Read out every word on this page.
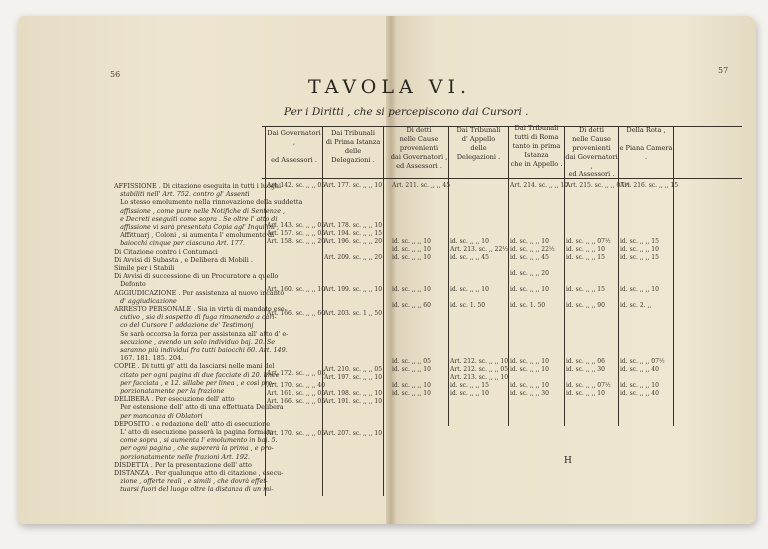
56	57
TAVOLA VI.
Per i Diritti , che si percepiscono dai Cursori .
Dai Governatori ,

ed Assessori .
Dai Tribunali
di Prima Istanza
delle
Delegazioni .
Di detti
nelle Cause
provenienti
dai Governatori ,
ed Assessori .
Dai Tribunali
d' Appello
delle
Delegazioni .
Dai Tribunali
tutti di Roma
tanto in prima
Istanza
che in Appello .
Di detti
nelle Cause
provenienti
dai Governatori ,
ed Assessori .
Della Rota ,

e Piana Camera .
AFFISSIONE . Di citazione eseguita in tutti i luoghi
stabiliti nell' Art. 752. contro gl' Assenti
Lo stesso emolumento nella rinnovazione della suddetta
affissione , come pure nelle Notifiche di Sentenze ,
e Decreti eseguiti come sopra . Se oltre l' atto di
affissione vi sarà presentata Copia agl' Inquilini ,
Affittuarj , Coloni , si aumenta l' emolumento di
baiocchi cinque per ciascuna Art. 177.
Di Citazione contro i Contumaci
Di Avvisi di Subasta , e Delibera di Mobili .
Simile per i Stabili
Di Avvisi di successione di un Procuratore a quello
Defonto
AGGIUDICAZIONE . Per assistenza al nuovo incanto
d' aggiudicazione
ARRESTO PERSONALE . Sia in virtù di mandato ese-
cutivo , sia di sospetto di fuga rimanendo a cari-
co del Cursore l' addazione de' Testimonj
Se sarà occorsa la forza per assistenza all' atto d' e-
secuzione , avendo un solo individuo baj. 20. Se
saranno più individui fra tutti baiocchi 60. Art. 149.
167. 181. 185. 204.
COPIE . Di tutti gl' atti da lasciarsi nelle mani del
citato per ogni pagina di due facciate di 20. linee
per facciata , e 12. sillabe per linea , e così pro-
porzionatamente per la frazione
DELIBERA . Per esecuzione dell' atto
Per estensione dell' atto di una effettuata Delibera
per mancanza di Oblatori
DEPOSITO . e redazione dell' atto di esecuzione
L' atto di esecuzione passerà la pagina formata
come sopra , si aumenta l' emolumento in baj. 5.
per ogni pagina , che supererà la prima , e pro-
porzionatamente nelle frazioni Art. 192.
DISDETTA . Per la presentazione dell' atto
DISTANZA . Per qualunque atto di citazione , esecu-
zione , offerte reali , e simili , che dovrà effet-
tuarsi fuori del luogo oltre la distanza di un mi-
Art. 142. sc. ,, ,, 05
Art. 143. sc. ,, ,, 05
Art. 157. sc. ,, ,, 05
Art. 158. sc. ,, ,, 20
Art. 160. sc. ,, ,, 10
Art. 166. sc. ,, ,, 60
Art. 172. sc. ,, ,, 05
Art. 170. sc. ,, ,, 40
Art. 161. sc. ,, ,, 05
Art. 166. sc. ,, ,, 05
Art. 170. sc. ,, ,, 05
Art. 177. sc. ,, ,, 10
Art. 178. sc. ,, ,, 10
Art. 194. sc. ,, ,, 15
Art. 196. sc. ,, ,, 20
Art. 209. sc. ,, ,, 20
Art. 199. sc. ,, ,, 10
Art. 203. sc. 1 ,, 50
Art. 210. sc. ,, ,, 05
Art. 197. sc. ,, ,, 10
Art. 198. sc. ,, ,, 10
Art. 191. sc. ,, ,, 10
Art. 207. sc. ,, ,, 10
Art. 211. sc. ,, ,, 45
id. sc. ,, ,, 10
id. sc. ,, ,, 10
id. sc. ,, ,, 10
id. sc. ,, ,, 10
id. sc. ,, ,, 60
id. sc. ,, ,, 05
id. sc. ,, ,, 10
id. sc. ,, ,, 10
id. sc. ,, ,, 10
Art. 212. sc. ,, ,, 10
id. sc. ,, ,, 10
Art. 213. sc. ,, 22½
id. sc. ,, ,, 45
id. sc. ,, ,, 10
id. sc. 1. 50
Art. 212. sc. ,, ,, 05
Art. 213. sc. ,, ,, 10
id. sc. ,, ,, 15
id. sc. ,, ,, 10
Art. 214. sc. ,, ,, 10
id. sc. ,, ,, 10
id. sc. ,, ,, 22½
id. sc. ,, ,, 45
id. sc. ,, ,, 20
id. sc. ,, ,, 10
id. sc. 1. 50
id. sc. ,, ,, 10
id. sc. ,, ,, 10
id. sc. ,, ,, 10
id. sc. ,, ,, 30
Art. 215. sc. ,, ,, 07½
id. sc. ,, ,, 07½
id. sc. ,, ,, 10
id. sc. ,, ,, 15
id. sc. ,, ,, 15
id. sc. ,, ,, 90
id. sc. ,, ,, 06
id. sc. ,, ,, 30
id. sc. ,, ,, 07½
id. sc. ,, ,, 10
Art. 216. sc. ,, ,, 15
id. sc. ,, ,, 15
id. sc. ,, ,, 10
id. sc. ,, ,, 15
id. sc. ,, ,, 10
id. sc. 2. ,,
id. sc. ,, ,, 07½
id. sc. ,, ,, 40
id. sc. ,, ,, 10
id. sc. ,, ,, 40
H
